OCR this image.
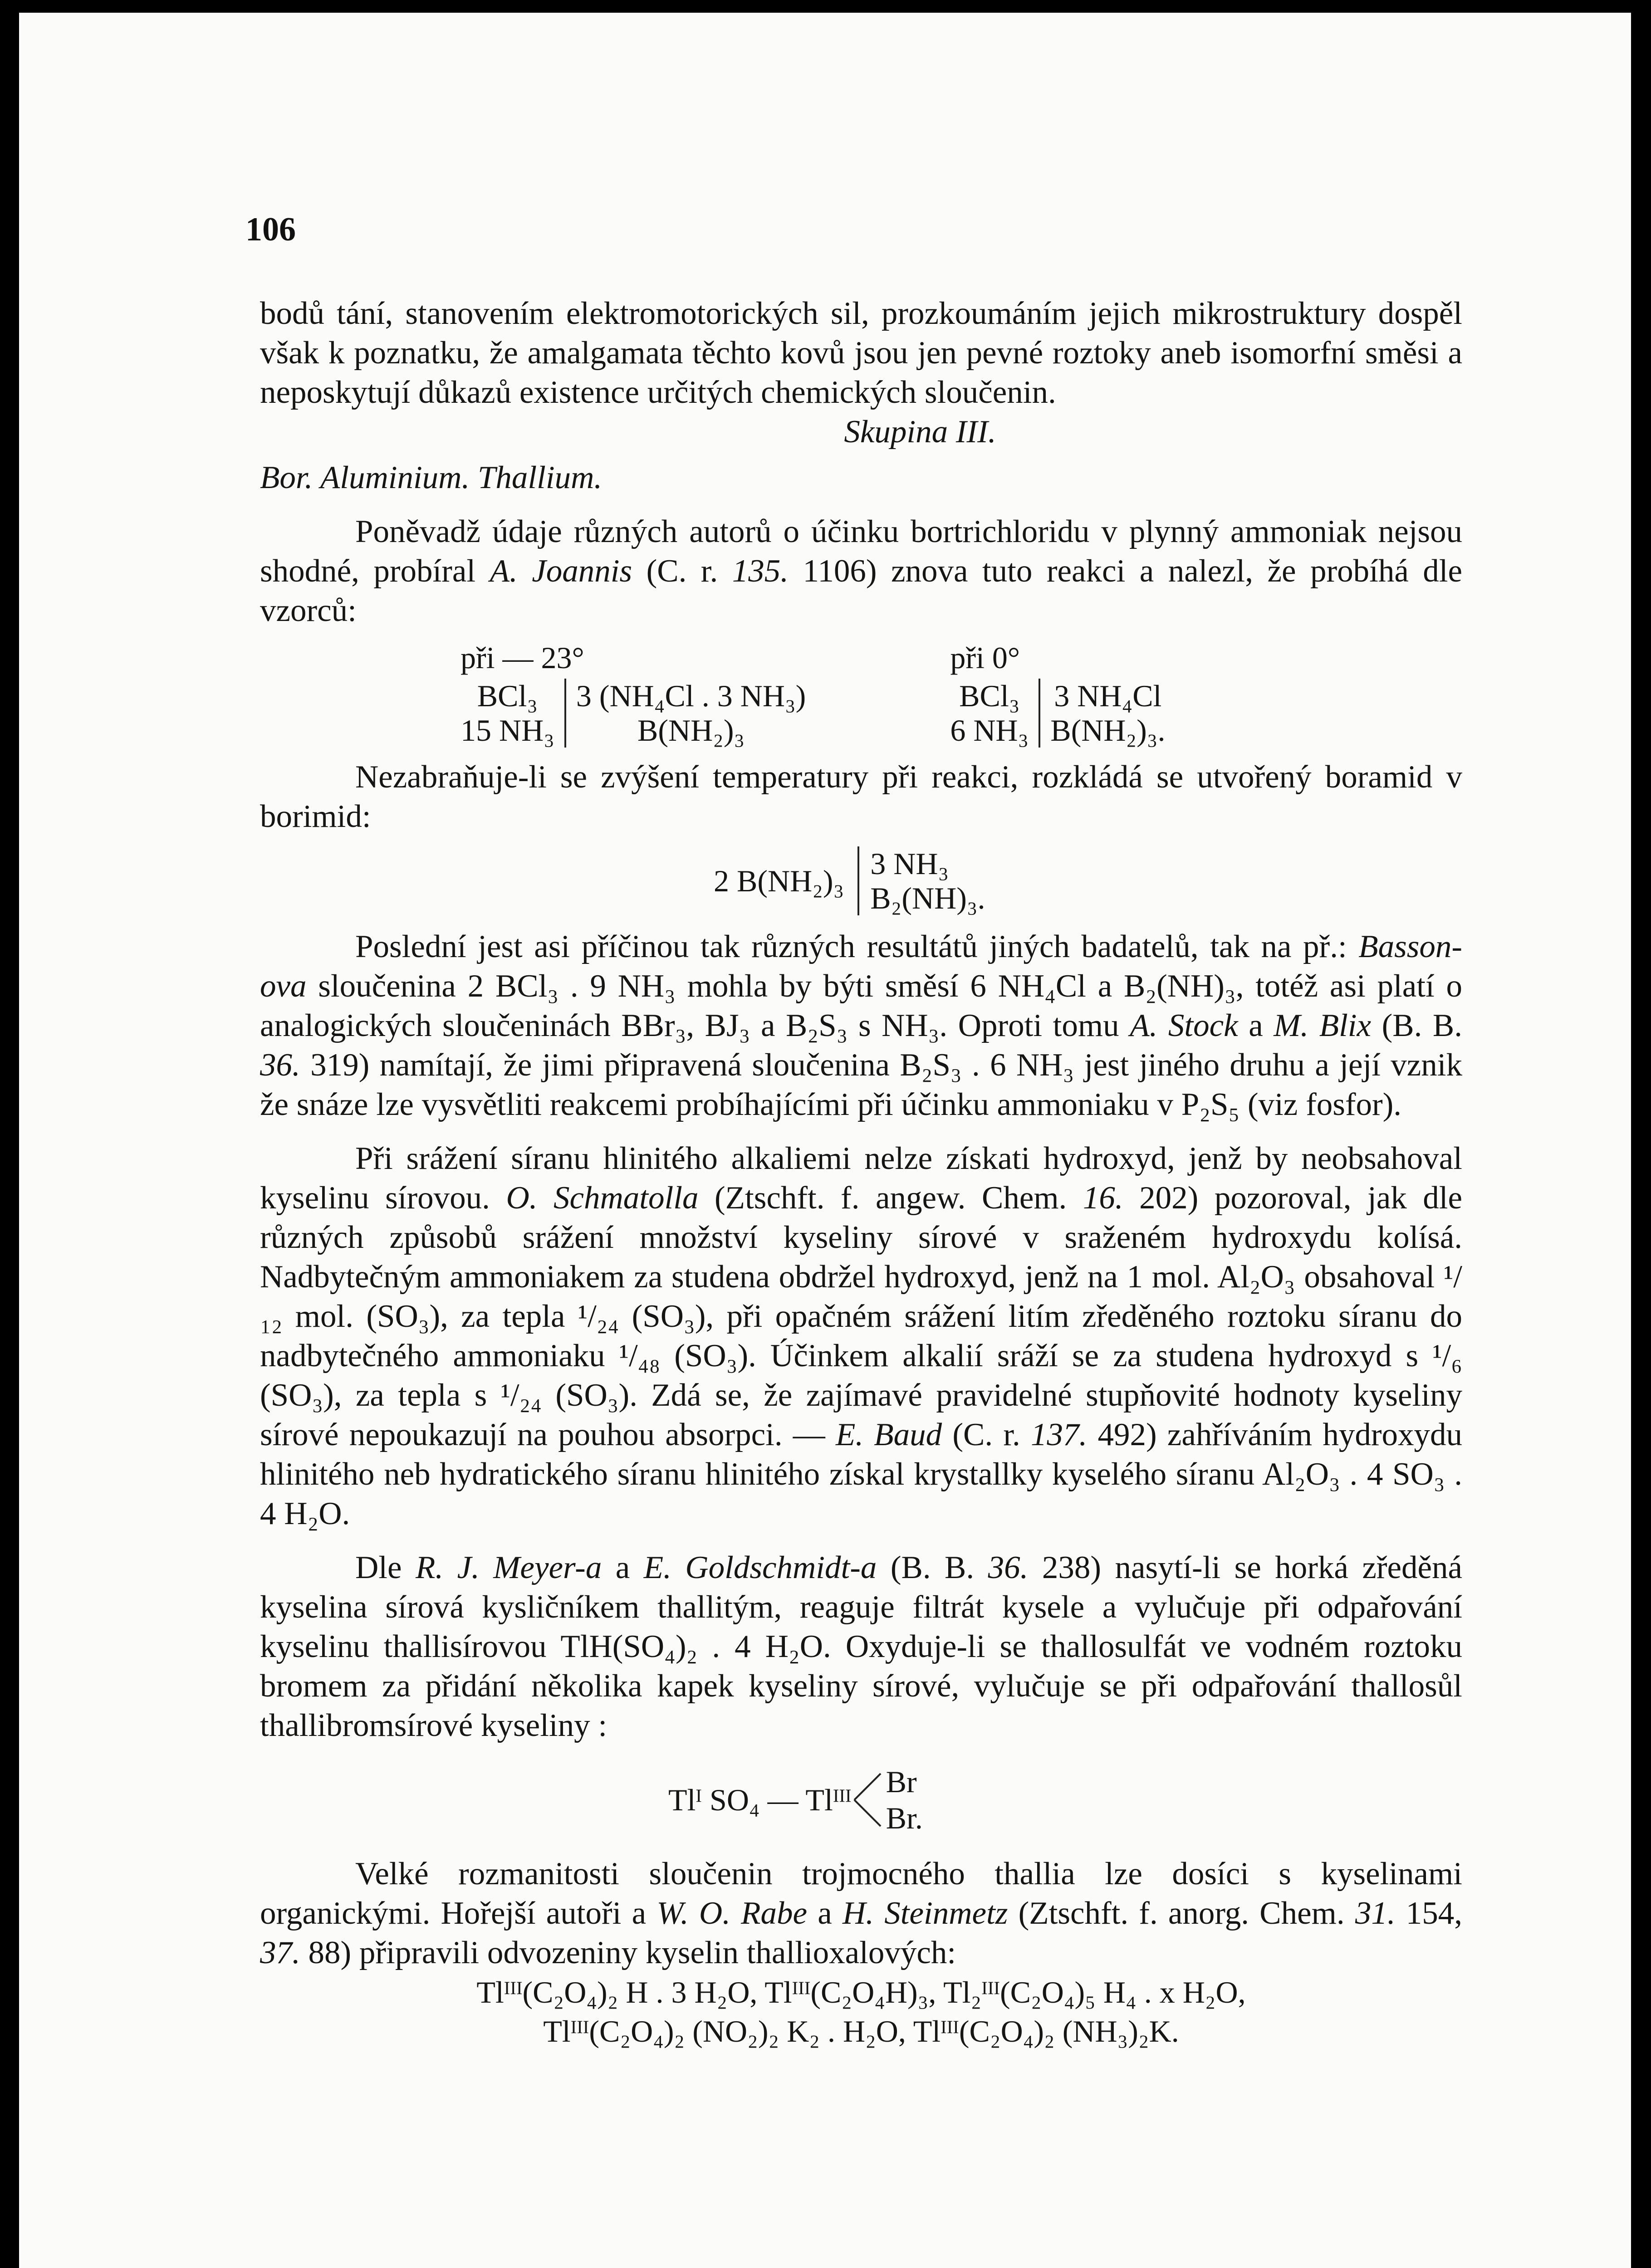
106

bodů tání, stanovením elektromotorických sil, prozkoumáním jejich mikrostruktury dospěl však k poznatku, že amalgamata těchto kovů jsou jen pevné roztoky aneb isomorfní směsi a neposkytují důkazů existence určitých chemických sloučenin.

Skupina III.

Bor. Aluminium. Thallium.

Poněvadž údaje různých autorů o účinku bortrichloridu v plynný ammoniak nejsou shodné, probíral A. Joannis (C. r. 135. 1106) znova tuto reakci a nalezl, že probíhá dle vzorců:

při — 23°			při 0°	
BCl₃	3 (NH₄Cl . 3 NH₃)		BCl₃	3 NH₄Cl
15 NH₃	B(NH₂)₃		6 NH₃	B(NH₂)₃.

Nezabraňuje-li se zvýšení temperatury při reakci, rozkládá se utvořený boramid v borimid:

2 B(NH₂)₃ 3 NH₃
B₂(NH)₃.

Poslední jest asi příčinou tak různých resultátů jiných badatelů, tak na př.: Basson-ova sloučenina 2 BCl₃ . 9 NH₃ mohla by býti směsí 6 NH₄Cl a B₂(NH)₃, totéž asi platí o analogických sloučeninách BBr₃, BJ₃ a B₂S₃ s NH₃. Oproti tomu A. Stock a M. Blix (B. B. 36. 319) namítají, že jimi připravená sloučenina B₂S₃ . 6 NH₃ jest jiného druhu a její vznik že snáze lze vysvětliti reakcemi probíhajícími při účinku ammoniaku v P₂S₅ (viz fosfor).

Při srážení síranu hlinitého alkaliemi nelze získati hydroxyd, jenž by neobsahoval kyselinu sírovou. O. Schmatolla (Ztschft. f. angew. Chem. 16. 202) pozoroval, jak dle různých způsobů srážení množství kyseliny sírové v sraženém hydroxydu kolísá. Nadbytečným ammoniakem za studena obdržel hydroxyd, jenž na 1 mol. Al₂O₃ obsahoval ¹/₁₂ mol. (SO₃), za tepla ¹/₂₄ (SO₃), při opačném srážení litím zředěného roztoku síranu do nadbytečného ammoniaku ¹/₄₈ (SO₃). Účinkem alkalií sráží se za studena hydroxyd s ¹/₆ (SO₃), za tepla s ¹/₂₄ (SO₃). Zdá se, že zajímavé pravidelné stupňovité hodnoty kyseliny sírové nepoukazují na pouhou absorpci. — E. Baud (C. r. 137. 492) zahříváním hydroxydu hlinitého neb hydratického síranu hlinitého získal krystallky kyselého síranu Al₂O₃ . 4 SO₃ . 4 H₂O.

Dle R. J. Meyer-a a E. Goldschmidt-a (B. B. 36. 238) nasytí-li se horká zředěná kyselina sírová kysličníkem thallitým, reaguje filtrát kysele a vylučuje při odpařování kyselinu thallisírovou TlH(SO₄)₂ . 4 H₂O. Oxyduje-li se thallosulfát ve vodném roztoku bromem za přidání několika kapek kyseliny sírové, vylučuje se při odpařování thallosůl thallibromsírové kyseliny :

Tlᴵ SO₄ — Tlᴵᴵᴵ
Br
Br.

Velké rozmanitosti sloučenin trojmocného thallia lze dosíci s kyselinami organickými. Hořejší autoři a W. O. Rabe a H. Steinmetz (Ztschft. f. anorg. Chem. 31. 154, 37. 88) připravili odvozeniny kyselin thallioxalových:

Tlᴵᴵᴵ(C₂O₄)₂ H . 3 H₂O, Tlᴵᴵᴵ(C₂O₄H)₃, Tl₂ᴵᴵᴵ(C₂O₄)₅ H₄ . x H₂O,

Tlᴵᴵᴵ(C₂O₄)₂ (NO₂)₂ K₂ . H₂O, Tlᴵᴵᴵ(C₂O₄)₂ (NH₃)₂K.
